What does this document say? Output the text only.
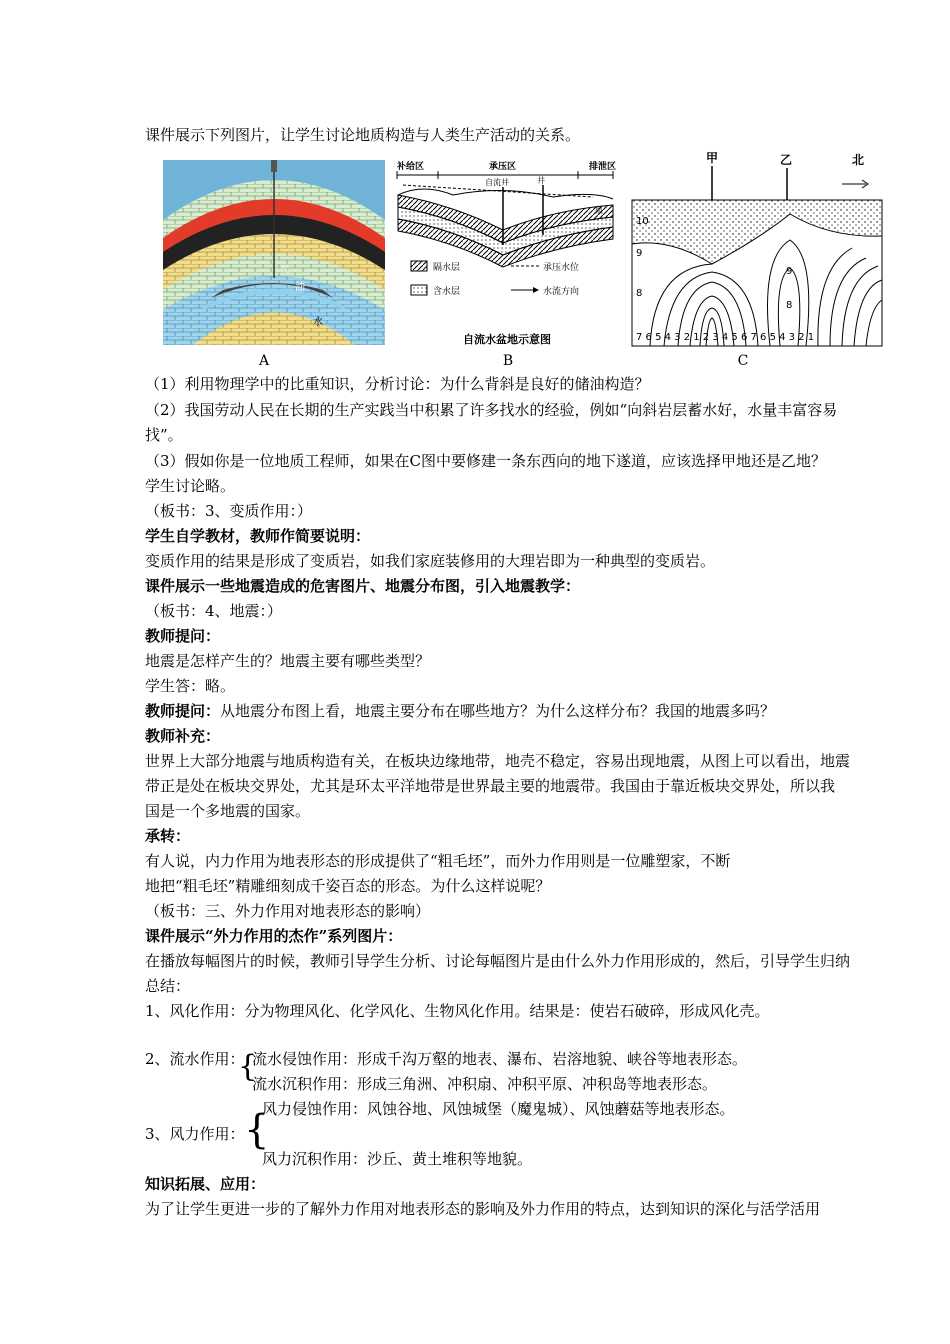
课件展示下列图片，让学生讨论地质构造与人类生产活动的关系。
气
油
水
A
补给区	承压区	排泄区
自流井	井
泉
隔水层
含水层
承压水位
水流方向
自流水盆地示意图
B
甲	乙	北
10
9
8
9
8
7 6 5 4 3 2 1 2 3 4 5 6 7 6 5 4 3 2 1
C
（1）利用物理学中的比重知识，分析讨论：为什么背斜是良好的储油构造？
（2）我国劳动人民在长期的生产实践当中积累了许多找水的经验，例如“向斜岩层蓄水好，水量丰富容易
找”。
（3）假如你是一位地质工程师，如果在C图中要修建一条东西向的地下遂道，应该选择甲地还是乙地？
学生讨论略。
（板书：3、变质作用：）
学生自学教材，教师作简要说明：
变质作用的结果是形成了变质岩，如我们家庭装修用的大理岩即为一种典型的变质岩。
课件展示一些地震造成的危害图片、地震分布图，引入地震教学：
（板书：4、地震：）
教师提问：
地震是怎样产生的？地震主要有哪些类型？
学生答：略。
教师提问：从地震分布图上看，地震主要分布在哪些地方？为什么这样分布？我国的地震多吗？
教师补充：
世界上大部分地震与地质构造有关，在板块边缘地带，地壳不稳定，容易出现地震，从图上可以看出，地震
带正是处在板块交界处，尤其是环太平洋地带是世界最主要的地震带。我国由于靠近板块交界处，所以我
国是一个多地震的国家。
承转：
有人说，内力作用为地表形态的形成提供了“粗毛坯”，而外力作用则是一位雕塑家，不断
地把“粗毛坯”精雕细刻成千姿百态的形态。为什么这样说呢？
（板书：三、外力作用对地表形态的影响）
课件展示“外力作用的杰作”系列图片：
在播放每幅图片的时候，教师引导学生分析、讨论每幅图片是由什么外力作用形成的，然后，引导学生归纳
总结：
1、风化作用：分为物理风化、化学风化、生物风化作用。结果是：使岩石破碎，形成风化壳。
2、流水作用：
{
流水侵蚀作用：形成千沟万壑的地表、瀑布、岩溶地貌、峡谷等地表形态。
流水沉积作用：形成三角洲、冲积扇、冲积平原、冲积岛等地表形态。
风力侵蚀作用：风蚀谷地、风蚀城堡（魔鬼城）、风蚀蘑菇等地表形态。
3、风力作用： {
风力沉积作用：沙丘、黄土堆积等地貌。
知识拓展、应用：
为了让学生更进一步的了解外力作用对地表形态的影响及外力作用的特点，达到知识的深化与活学活用
